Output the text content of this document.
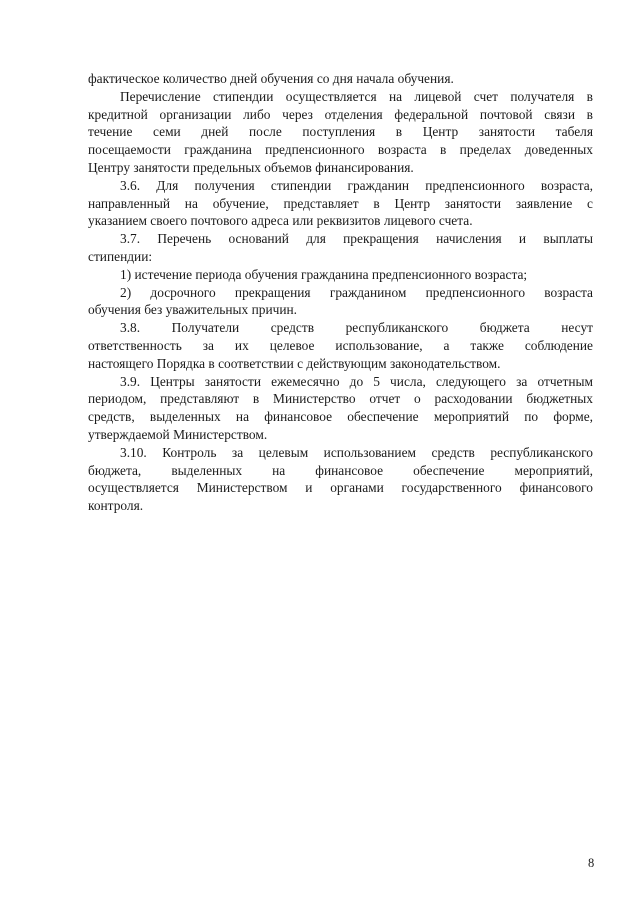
фактическое количество дней обучения со дня начала обучения.

Перечисление стипендии осуществляется на лицевой счет получателя в
кредитной организации либо через отделения федеральной почтовой связи в
течение семи дней после поступления в Центр занятости табеля
посещаемости гражданина предпенсионного возраста в пределах доведенных
Центру занятости предельных объемов финансирования.

3.6. Для получения стипендии гражданин предпенсионного возраста,
направленный на обучение, представляет в Центр занятости заявление с
указанием своего почтового адреса или реквизитов лицевого счета.

3.7. Перечень оснований для прекращения начисления и выплаты
стипендии:

1) истечение периода обучения гражданина предпенсионного возраста;

2) досрочного прекращения гражданином предпенсионного возраста
обучения без уважительных причин.

3.8. Получатели средств республиканского бюджета несут
ответственность за их целевое использование, а также соблюдение
настоящего Порядка в соответствии с действующим законодательством.

3.9. Центры занятости ежемесячно до 5 числа, следующего за отчетным
периодом, представляют в Министерство отчет о расходовании бюджетных
средств, выделенных на финансовое обеспечение мероприятий по форме,
утверждаемой Министерством.

3.10. Контроль за целевым использованием средств республиканского
бюджета, выделенных на финансовое обеспечение мероприятий,
осуществляется Министерством и органами государственного финансового
контроля.

8
